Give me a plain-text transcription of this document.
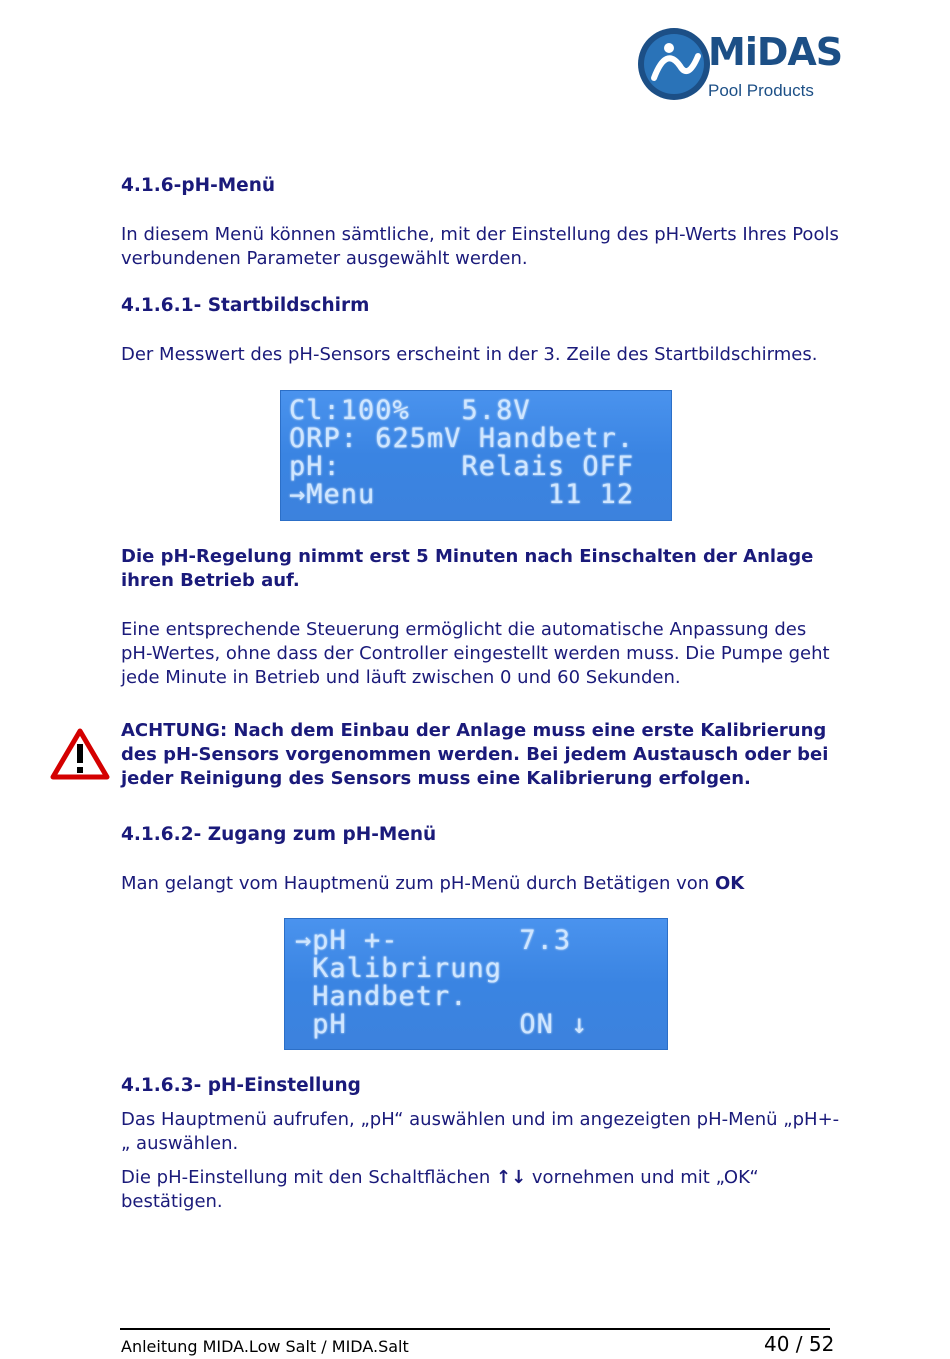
MiDAS
Pool Products
4.1.6-pH-Menü
In diesem Menü können sämtliche, mit der Einstellung des pH-Werts Ihres Pools verbundenen Parameter ausgewählt werden.
4.1.6.1- Startbildschirm
Der Messwert des pH-Sensors erscheint in der 3. Zeile des Startbildschirmes.
Cl:100%   5.8V
ORP: 625mV Handbetr.
pH:       Relais OFF
→Menu          11 12
Die pH-Regelung nimmt erst 5 Minuten nach Einschalten der Anlage ihren Betrieb auf.
Eine entsprechende Steuerung ermöglicht die automatische Anpassung des pH-Wertes, ohne dass der Controller eingestellt werden muss. Die Pumpe geht jede Minute in Betrieb und läuft zwischen 0 und 60 Sekunden.
ACHTUNG: Nach dem Einbau der Anlage muss eine erste Kalibrierung des pH-Sensors vorgenommen werden. Bei jedem Austausch oder bei jeder Reinigung des Sensors muss eine Kalibrierung erfolgen.
4.1.6.2- Zugang zum pH-Menü
Man gelangt vom Hauptmenü zum pH-Menü durch Betätigen von OK
→pH +-       7.3
Kalibrirung
Handbetr.
pH          ON ↓
4.1.6.3- pH-Einstellung
Das Hauptmenü aufrufen, „pH“ auswählen und im angezeigten pH-Menü „pH+-„ auswählen.
Die pH-Einstellung mit den Schaltflächen ↑↓ vornehmen und mit „OK“ bestätigen.
Anleitung MIDA.Low Salt / MIDA.Salt	40 / 52
